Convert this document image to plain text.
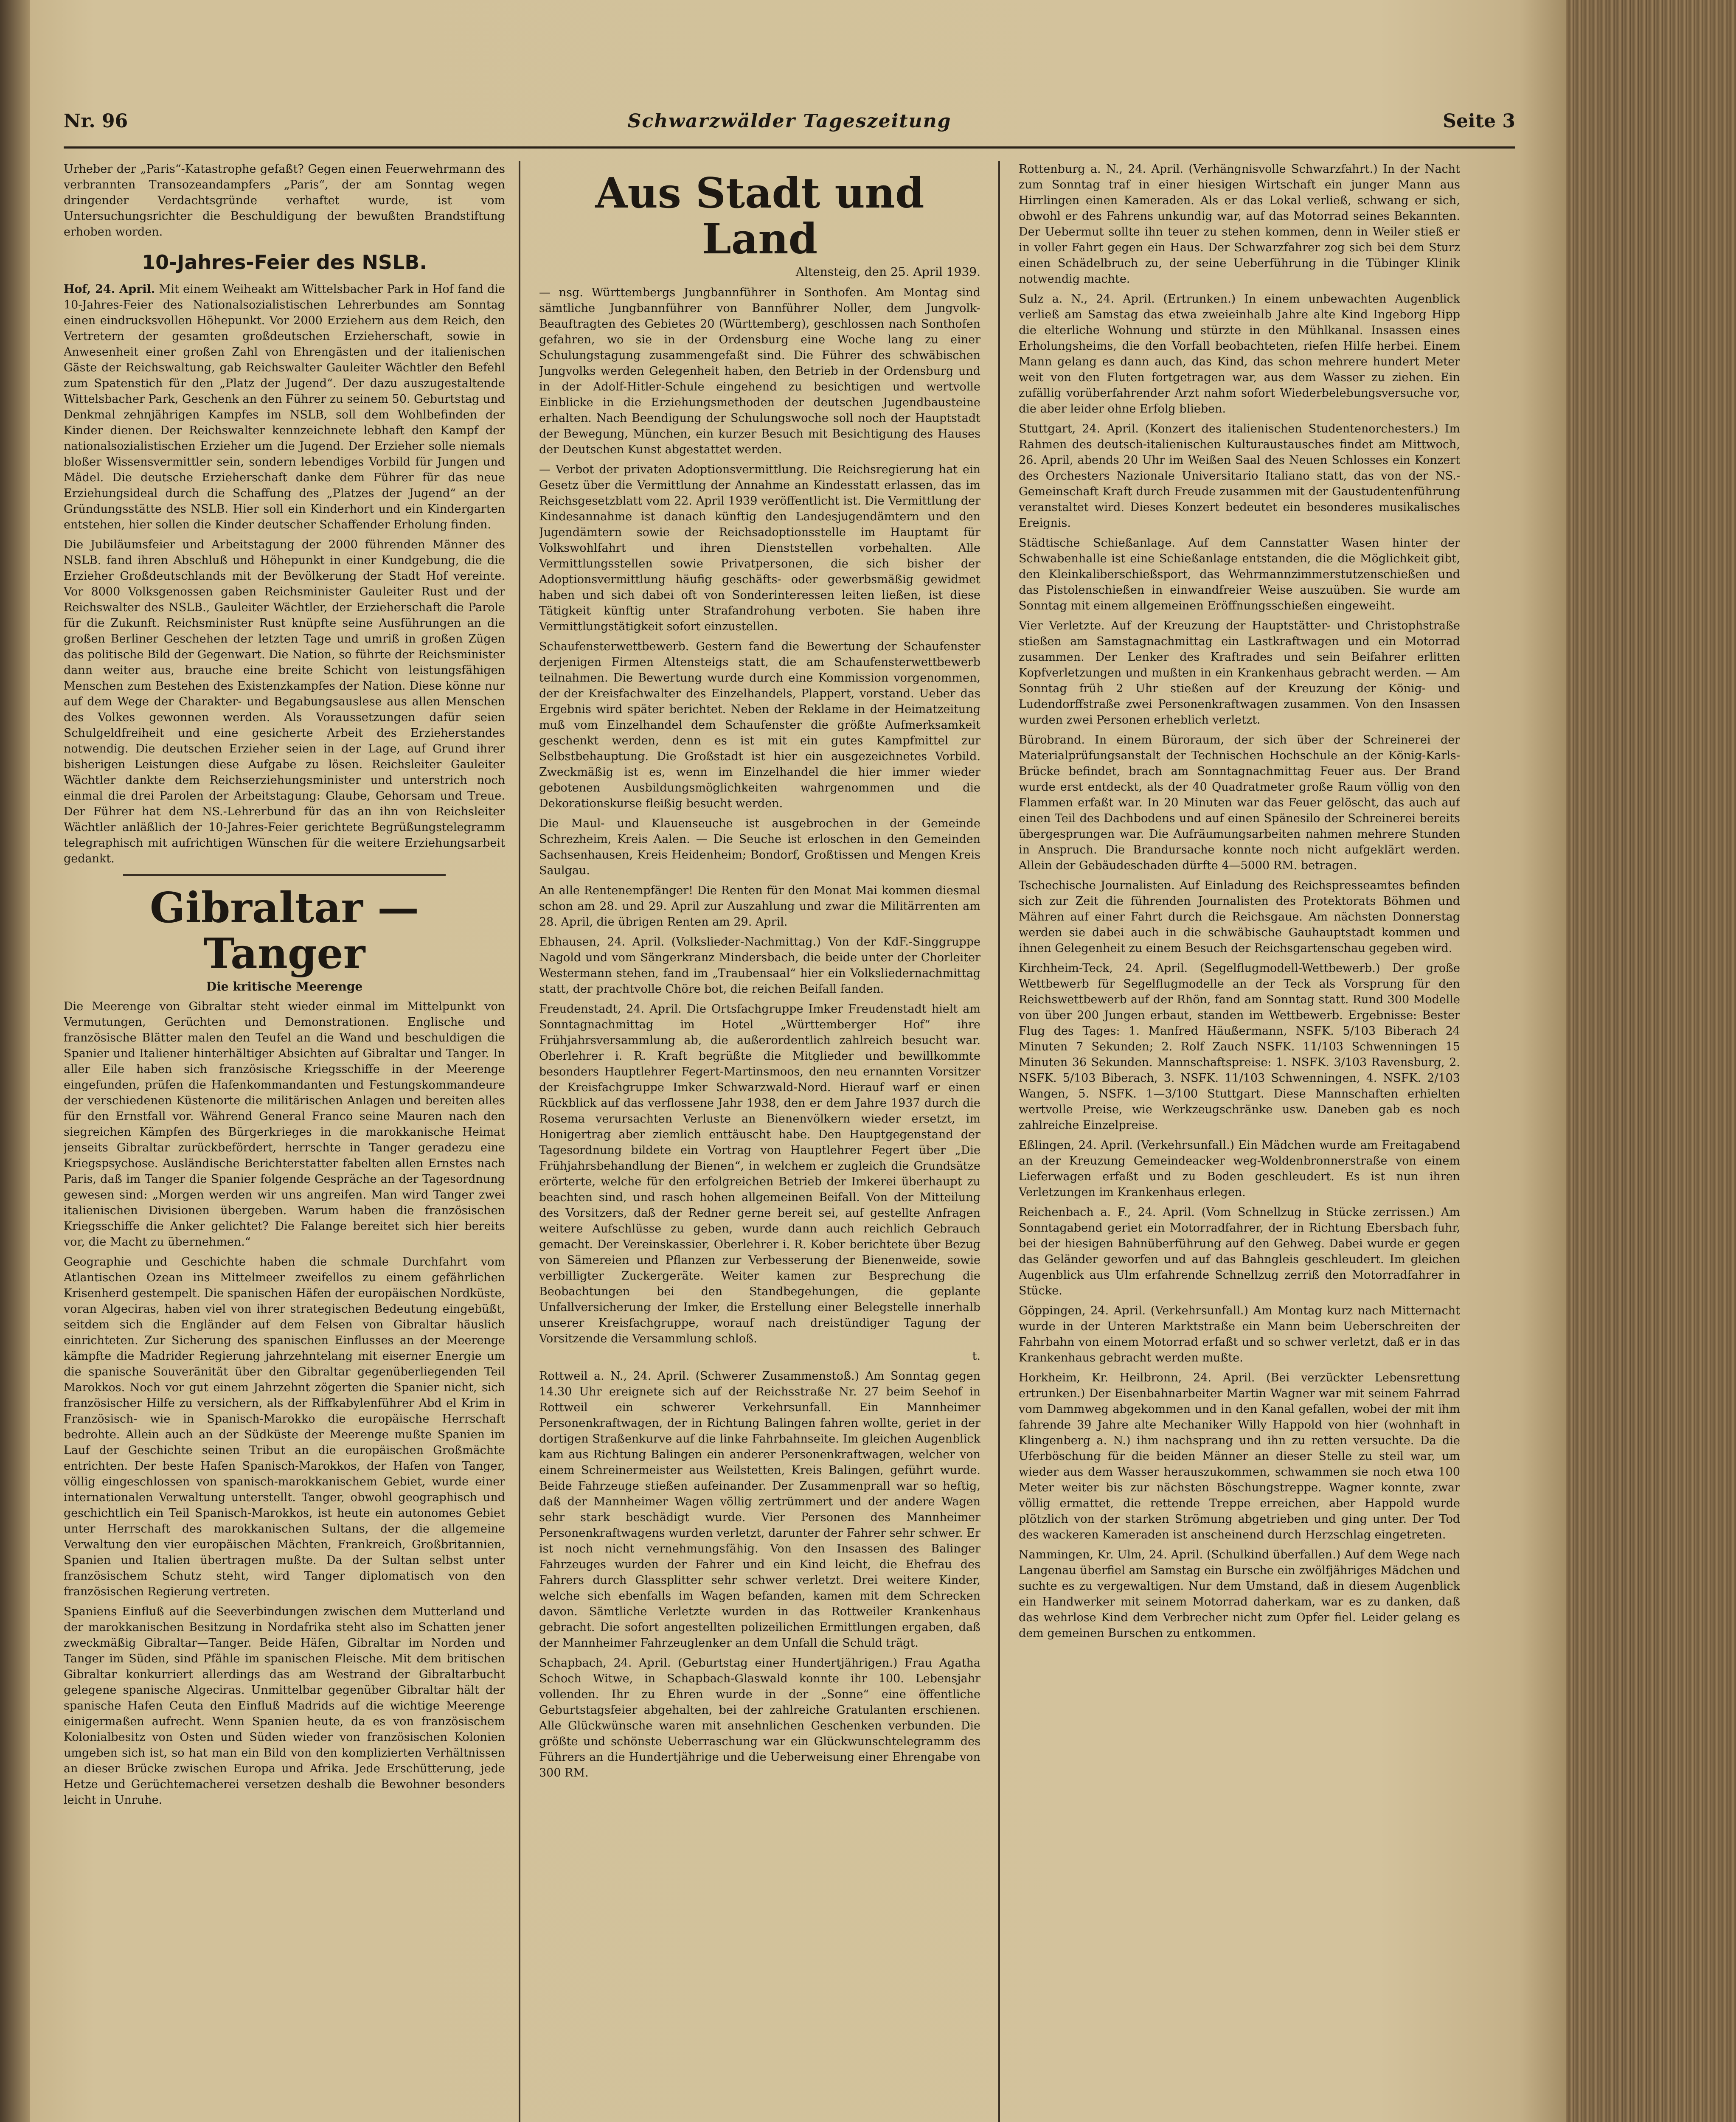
Nr. 96	Schwarzwälder Tageszeitung	Seite 3

Urheber der „Paris“-Katastrophe gefaßt? Gegen einen Feuerwehrmann des verbrannten Transozeandampfers „Paris“, der am Sonntag wegen dringender Verdachtsgründe verhaftet wurde, ist vom Untersuchungsrichter die Beschuldigung der bewußten Brandstiftung erhoben worden.

10-Jahres-Feier des NSLB.

Hof, 24. April. Mit einem Weiheakt am Wittelsbacher Park in Hof fand die 10-Jahres-Feier des Nationalsozialistischen Lehrerbundes am Sonntag einen eindrucksvollen Höhepunkt. Vor 2000 Erziehern aus dem Reich, den Vertretern der gesamten großdeutschen Erzieherschaft, sowie in Anwesenheit einer großen Zahl von Ehrengästen und der italienischen Gäste der Reichswaltung, gab Reichswalter Gauleiter Wächtler den Befehl zum Spatenstich für den „Platz der Jugend“. Der dazu auszugestaltende Wittelsbacher Park, Geschenk an den Führer zu seinem 50. Geburtstag und Denkmal zehnjährigen Kampfes im NSLB, soll dem Wohlbefinden der Kinder dienen. Der Reichswalter kennzeichnete lebhaft den Kampf der nationalsozialistischen Erzieher um die Jugend. Der Erzieher solle niemals bloßer Wissensvermittler sein, sondern lebendiges Vorbild für Jungen und Mädel. Die deutsche Erzieherschaft danke dem Führer für das neue Erziehungsideal durch die Schaffung des „Platzes der Jugend“ an der Gründungsstätte des NSLB. Hier soll ein Kinderhort und ein Kindergarten entstehen, hier sollen die Kinder deutscher Schaffender Erholung finden.

Die Jubiläumsfeier und Arbeitstagung der 2000 führenden Männer des NSLB. fand ihren Abschluß und Höhepunkt in einer Kundgebung, die die Erzieher Großdeutschlands mit der Bevölkerung der Stadt Hof vereinte. Vor 8000 Volksgenossen gaben Reichsminister Gauleiter Rust und der Reichswalter des NSLB., Gauleiter Wächtler, der Erzieherschaft die Parole für die Zukunft. Reichsminister Rust knüpfte seine Ausführungen an die großen Berliner Geschehen der letzten Tage und umriß in großen Zügen das politische Bild der Gegenwart. Die Nation, so führte der Reichsminister dann weiter aus, brauche eine breite Schicht von leistungsfähigen Menschen zum Bestehen des Existenzkampfes der Nation. Diese könne nur auf dem Wege der Charakter- und Begabungsauslese aus allen Menschen des Volkes gewonnen werden. Als Voraussetzungen dafür seien Schulgeldfreiheit und eine gesicherte Arbeit des Erzieherstandes notwendig. Die deutschen Erzieher seien in der Lage, auf Grund ihrer bisherigen Leistungen diese Aufgabe zu lösen. Reichsleiter Gauleiter Wächtler dankte dem Reichserziehungsminister und unterstrich noch einmal die drei Parolen der Arbeitstagung: Glaube, Gehorsam und Treue. Der Führer hat dem NS.-Lehrerbund für das an ihn von Reichsleiter Wächtler anläßlich der 10-Jahres-Feier gerichtete Begrüßungstelegramm telegraphisch mit aufrichtigen Wünschen für die weitere Erziehungsarbeit gedankt.

Gibraltar — Tanger
Die kritische Meerenge

Die Meerenge von Gibraltar steht wieder einmal im Mittelpunkt von Vermutungen, Gerüchten und Demonstrationen. Englische und französische Blätter malen den Teufel an die Wand und beschuldigen die Spanier und Italiener hinterhältiger Absichten auf Gibraltar und Tanger. In aller Eile haben sich französische Kriegsschiffe in der Meerenge eingefunden, prüfen die Hafenkommandanten und Festungskommandeure der verschiedenen Küstenorte die militärischen Anlagen und bereiten alles für den Ernstfall vor. Während General Franco seine Mauren nach den siegreichen Kämpfen des Bürgerkrieges in die marokkanische Heimat jenseits Gibraltar zurückbefördert, herrschte in Tanger geradezu eine Kriegspsychose. Ausländische Berichterstatter fabelten allen Ernstes nach Paris, daß im Tanger die Spanier folgende Gespräche an der Tagesordnung gewesen sind: „Morgen werden wir uns angreifen. Man wird Tanger zwei italienischen Divisionen übergeben. Warum haben die französischen Kriegsschiffe die Anker gelichtet? Die Falange bereitet sich hier bereits vor, die Macht zu übernehmen.“

Geographie und Geschichte haben die schmale Durchfahrt vom Atlantischen Ozean ins Mittelmeer zweifellos zu einem gefährlichen Krisenherd gestempelt. Die spanischen Häfen der europäischen Nordküste, voran Algeciras, haben viel von ihrer strategischen Bedeutung eingebüßt, seitdem sich die Engländer auf dem Felsen von Gibraltar häuslich einrichteten. Zur Sicherung des spanischen Einflusses an der Meerenge kämpfte die Madrider Regierung jahrzehntelang mit eiserner Energie um die spanische Souveränität über den Gibraltar gegenüberliegenden Teil Marokkos. Noch vor gut einem Jahrzehnt zögerten die Spanier nicht, sich französischer Hilfe zu versichern, als der Riffkabylenführer Abd el Krim in Französisch- wie in Spanisch-Marokko die europäische Herrschaft bedrohte. Allein auch an der Südküste der Meerenge mußte Spanien im Lauf der Geschichte seinen Tribut an die europäischen Großmächte entrichten. Der beste Hafen Spanisch-Marokkos, der Hafen von Tanger, völlig eingeschlossen von spanisch-marokkanischem Gebiet, wurde einer internationalen Verwaltung unterstellt. Tanger, obwohl geographisch und geschichtlich ein Teil Spanisch-Marokkos, ist heute ein autonomes Gebiet unter Herrschaft des marokkanischen Sultans, der die allgemeine Verwaltung den vier europäischen Mächten, Frankreich, Großbritannien, Spanien und Italien übertragen mußte. Da der Sultan selbst unter französischem Schutz steht, wird Tanger diplomatisch von den französischen Regierung vertreten.

Spaniens Einfluß auf die Seeverbindungen zwischen dem Mutterland und der marokkanischen Besitzung in Nordafrika steht also im Schatten jener zweckmäßig Gibraltar—Tanger. Beide Häfen, Gibraltar im Norden und Tanger im Süden, sind Pfähle im spanischen Fleische. Mit dem britischen Gibraltar konkurriert allerdings das am Westrand der Gibraltarbucht gelegene spanische Algeciras. Unmittelbar gegenüber Gibraltar hält der spanische Hafen Ceuta den Einfluß Madrids auf die wichtige Meerenge einigermaßen aufrecht. Wenn Spanien heute, da es von französischem Kolonialbesitz von Osten und Süden wieder von französischen Kolonien umgeben sich ist, so hat man ein Bild von den komplizierten Verhältnissen an dieser Brücke zwischen Europa und Afrika. Jede Erschütterung, jede Hetze und Gerüchtemacherei versetzen deshalb die Bewohner besonders leicht in Unruhe.

Aus Stadt und Land
Altensteig, den 25. April 1939.

— nsg. Württembergs Jungbannführer in Sonthofen. Am Montag sind sämtliche Jungbannführer von Bannführer Noller, dem Jungvolk-Beauftragten des Gebietes 20 (Württemberg), geschlossen nach Sonthofen gefahren, wo sie in der Ordensburg eine Woche lang zu einer Schulungstagung zusammengefaßt sind. Die Führer des schwäbischen Jungvolks werden Gelegenheit haben, den Betrieb in der Ordensburg und in der Adolf-Hitler-Schule eingehend zu besichtigen und wertvolle Einblicke in die Erziehungsmethoden der deutschen Jugendbausteine erhalten. Nach Beendigung der Schulungswoche soll noch der Hauptstadt der Bewegung, München, ein kurzer Besuch mit Besichtigung des Hauses der Deutschen Kunst abgestattet werden.

— Verbot der privaten Adoptionsvermittlung. Die Reichsregierung hat ein Gesetz über die Vermittlung der Annahme an Kindesstatt erlassen, das im Reichsgesetzblatt vom 22. April 1939 veröffentlicht ist. Die Vermittlung der Kindesannahme ist danach künftig den Landesjugendämtern und den Jugendämtern sowie der Reichsadoptionsstelle im Hauptamt für Volkswohlfahrt und ihren Dienststellen vorbehalten. Alle Vermittlungsstellen sowie Privatpersonen, die sich bisher der Adoptionsvermittlung häufig geschäfts- oder gewerbsmäßig gewidmet haben und sich dabei oft von Sonderinteressen leiten ließen, ist diese Tätigkeit künftig unter Strafandrohung verboten. Sie haben ihre Vermittlungstätigkeit sofort einzustellen.

Schaufensterwettbewerb. Gestern fand die Bewertung der Schaufenster derjenigen Firmen Altensteigs statt, die am Schaufensterwettbewerb teilnahmen. Die Bewertung wurde durch eine Kommission vorgenommen, der der Kreisfachwalter des Einzelhandels, Plappert, vorstand. Ueber das Ergebnis wird später berichtet. Neben der Reklame in der Heimatzeitung muß vom Einzelhandel dem Schaufenster die größte Aufmerksamkeit geschenkt werden, denn es ist mit ein gutes Kampfmittel zur Selbstbehauptung. Die Großstadt ist hier ein ausgezeichnetes Vorbild. Zweckmäßig ist es, wenn im Einzelhandel die hier immer wieder gebotenen Ausbildungsmöglichkeiten wahrgenommen und die Dekorationskurse fleißig besucht werden.

Die Maul- und Klauenseuche ist ausgebrochen in der Gemeinde Schrezheim, Kreis Aalen. — Die Seuche ist erloschen in den Gemeinden Sachsenhausen, Kreis Heidenheim; Bondorf, Großtissen und Mengen Kreis Saulgau.

An alle Rentenempfänger! Die Renten für den Monat Mai kommen diesmal schon am 28. und 29. April zur Auszahlung und zwar die Militärrenten am 28. April, die übrigen Renten am 29. April.

Ebhausen, 24. April. (Volkslieder-Nachmittag.) Von der KdF.-Singgruppe Nagold und vom Sängerkranz Mindersbach, die beide unter der Chorleiter Westermann stehen, fand im „Traubensaal“ hier ein Volksliedernachmittag statt, der prachtvolle Chöre bot, die reichen Beifall fanden.

Freudenstadt, 24. April. Die Ortsfachgruppe Imker Freudenstadt hielt am Sonntagnachmittag im Hotel „Württemberger Hof“ ihre Frühjahrsversammlung ab, die außerordentlich zahlreich besucht war. Oberlehrer i. R. Kraft begrüßte die Mitglieder und bewillkommte besonders Hauptlehrer Fegert-Martinsmoos, den neu ernannten Vorsitzer der Kreisfachgruppe Imker Schwarzwald-Nord. Hierauf warf er einen Rückblick auf das verflossene Jahr 1938, den er dem Jahre 1937 durch die Rosema verursachten Verluste an Bienenvölkern wieder ersetzt, im Honigertrag aber ziemlich enttäuscht habe. Den Hauptgegenstand der Tagesordnung bildete ein Vortrag von Hauptlehrer Fegert über „Die Frühjahrsbehandlung der Bienen“, in welchem er zugleich die Grundsätze erörterte, welche für den erfolgreichen Betrieb der Imkerei überhaupt zu beachten sind, und rasch hohen allgemeinen Beifall. Von der Mitteilung des Vorsitzers, daß der Redner gerne bereit sei, auf gestellte Anfragen weitere Aufschlüsse zu geben, wurde dann auch reichlich Gebrauch gemacht. Der Vereinskassier, Oberlehrer i. R. Kober berichtete über Bezug von Sämereien und Pflanzen zur Verbesserung der Bienenweide, sowie verbilligter Zuckergeräte. Weiter kamen zur Besprechung die Beobachtungen bei den Standbegehungen, die geplante Unfallversicherung der Imker, die Erstellung einer Belegstelle innerhalb unserer Kreisfachgruppe, worauf nach dreistündiger Tagung der Vorsitzende die Versammlung schloß.

t.

Rottweil a. N., 24. April. (Schwerer Zusammenstoß.) Am Sonntag gegen 14.30 Uhr ereignete sich auf der Reichsstraße Nr. 27 beim Seehof in Rottweil ein schwerer Verkehrsunfall. Ein Mannheimer Personenkraftwagen, der in Richtung Balingen fahren wollte, geriet in der dortigen Straßenkurve auf die linke Fahrbahnseite. Im gleichen Augenblick kam aus Richtung Balingen ein anderer Personenkraftwagen, welcher von einem Schreinermeister aus Weilstetten, Kreis Balingen, geführt wurde. Beide Fahrzeuge stießen aufeinander. Der Zusammenprall war so heftig, daß der Mannheimer Wagen völlig zertrümmert und der andere Wagen sehr stark beschädigt wurde. Vier Personen des Mannheimer Personenkraftwagens wurden verletzt, darunter der Fahrer sehr schwer. Er ist noch nicht vernehmungsfähig. Von den Insassen des Balinger Fahrzeuges wurden der Fahrer und ein Kind leicht, die Ehefrau des Fahrers durch Glassplitter sehr schwer verletzt. Drei weitere Kinder, welche sich ebenfalls im Wagen befanden, kamen mit dem Schrecken davon. Sämtliche Verletzte wurden in das Rottweiler Krankenhaus gebracht. Die sofort angestellten polizeilichen Ermittlungen ergaben, daß der Mannheimer Fahrzeuglenker an dem Unfall die Schuld trägt.

Schapbach, 24. April. (Geburtstag einer Hundertjährigen.) Frau Agatha Schoch Witwe, in Schapbach-Glaswald konnte ihr 100. Lebensjahr vollenden. Ihr zu Ehren wurde in der „Sonne“ eine öffentliche Geburtstagsfeier abgehalten, bei der zahlreiche Gratulanten erschienen. Alle Glückwünsche waren mit ansehnlichen Geschenken verbunden. Die größte und schönste Ueberraschung war ein Glückwunschtelegramm des Führers an die Hundertjährige und die Ueberweisung einer Ehrengabe von 300 RM.

Rottenburg a. N., 24. April. (Verhängnisvolle Schwarzfahrt.) In der Nacht zum Sonntag traf in einer hiesigen Wirtschaft ein junger Mann aus Hirrlingen einen Kameraden. Als er das Lokal verließ, schwang er sich, obwohl er des Fahrens unkundig war, auf das Motorrad seines Bekannten. Der Uebermut sollte ihn teuer zu stehen kommen, denn in Weiler stieß er in voller Fahrt gegen ein Haus. Der Schwarzfahrer zog sich bei dem Sturz einen Schädelbruch zu, der seine Ueberführung in die Tübinger Klinik notwendig machte.

Sulz a. N., 24. April. (Ertrunken.) In einem unbewachten Augenblick verließ am Samstag das etwa zweieinhalb Jahre alte Kind Ingeborg Hipp die elterliche Wohnung und stürzte in den Mühlkanal. Insassen eines Erholungsheims, die den Vorfall beobachteten, riefen Hilfe herbei. Einem Mann gelang es dann auch, das Kind, das schon mehrere hundert Meter weit von den Fluten fortgetragen war, aus dem Wasser zu ziehen. Ein zufällig vorüberfahrender Arzt nahm sofort Wiederbelebungsversuche vor, die aber leider ohne Erfolg blieben.

Stuttgart, 24. April. (Konzert des italienischen Studentenorchesters.) Im Rahmen des deutsch-italienischen Kulturaustausches findet am Mittwoch, 26. April, abends 20 Uhr im Weißen Saal des Neuen Schlosses ein Konzert des Orchesters Nazionale Universitario Italiano statt, das von der NS.-Gemeinschaft Kraft durch Freude zusammen mit der Gaustudentenführung veranstaltet wird. Dieses Konzert bedeutet ein besonderes musikalisches Ereignis.

Städtische Schießanlage. Auf dem Cannstatter Wasen hinter der Schwabenhalle ist eine Schießanlage entstanden, die die Möglichkeit gibt, den Kleinkaliberschießsport, das Wehrmannzimmerstutzenschießen und das Pistolenschießen in einwandfreier Weise auszuüben. Sie wurde am Sonntag mit einem allgemeinen Eröffnungsschießen eingeweiht.

Vier Verletzte. Auf der Kreuzung der Hauptstätter- und Christophstraße stießen am Samstagnachmittag ein Lastkraftwagen und ein Motorrad zusammen. Der Lenker des Kraftrades und sein Beifahrer erlitten Kopfverletzungen und mußten in ein Krankenhaus gebracht werden. — Am Sonntag früh 2 Uhr stießen auf der Kreuzung der König- und Ludendorffstraße zwei Personenkraftwagen zusammen. Von den Insassen wurden zwei Personen erheblich verletzt.

Bürobrand. In einem Büroraum, der sich über der Schreinerei der Materialprüfungsanstalt der Technischen Hochschule an der König-Karls-Brücke befindet, brach am Sonntagnachmittag Feuer aus. Der Brand wurde erst entdeckt, als der 40 Quadratmeter große Raum völlig von den Flammen erfaßt war. In 20 Minuten war das Feuer gelöscht, das auch auf einen Teil des Dachbodens und auf einen Spänesilo der Schreinerei bereits übergesprungen war. Die Aufräumungsarbeiten nahmen mehrere Stunden in Anspruch. Die Brandursache konnte noch nicht aufgeklärt werden. Allein der Gebäudeschaden dürfte 4—5000 RM. betragen.

Tschechische Journalisten. Auf Einladung des Reichspresseamtes befinden sich zur Zeit die führenden Journalisten des Protektorats Böhmen und Mähren auf einer Fahrt durch die Reichsgaue. Am nächsten Donnerstag werden sie dabei auch in die schwäbische Gauhauptstadt kommen und ihnen Gelegenheit zu einem Besuch der Reichsgartenschau gegeben wird.

Kirchheim-Teck, 24. April. (Segelflugmodell-Wettbewerb.) Der große Wettbewerb für Segelflugmodelle an der Teck als Vorsprung für den Reichswettbewerb auf der Rhön, fand am Sonntag statt. Rund 300 Modelle von über 200 Jungen erbaut, standen im Wettbewerb. Ergebnisse: Bester Flug des Tages: 1. Manfred Häußermann, NSFK. 5/103 Biberach 24 Minuten 7 Sekunden; 2. Rolf Zauch NSFK. 11/103 Schwenningen 15 Minuten 36 Sekunden. Mannschaftspreise: 1. NSFK. 3/103 Ravensburg, 2. NSFK. 5/103 Biberach, 3. NSFK. 11/103 Schwenningen, 4. NSFK. 2/103 Wangen, 5. NSFK. 1—3/100 Stuttgart. Diese Mannschaften erhielten wertvolle Preise, wie Werkzeugschränke usw. Daneben gab es noch zahlreiche Einzelpreise.

Eßlingen, 24. April. (Verkehrsunfall.) Ein Mädchen wurde am Freitagabend an der Kreuzung Gemeindeacker weg-Woldenbronnerstraße von einem Lieferwagen erfaßt und zu Boden geschleudert. Es ist nun ihren Verletzungen im Krankenhaus erlegen.

Reichenbach a. F., 24. April. (Vom Schnellzug in Stücke zerrissen.) Am Sonntagabend geriet ein Motorradfahrer, der in Richtung Ebersbach fuhr, bei der hiesigen Bahnüberführung auf den Gehweg. Dabei wurde er gegen das Geländer geworfen und auf das Bahngleis geschleudert. Im gleichen Augenblick aus Ulm erfahrende Schnellzug zerriß den Motorradfahrer in Stücke.

Göppingen, 24. April. (Verkehrsunfall.) Am Montag kurz nach Mitternacht wurde in der Unteren Marktstraße ein Mann beim Ueberschreiten der Fahrbahn von einem Motorrad erfaßt und so schwer verletzt, daß er in das Krankenhaus gebracht werden mußte.

Horkheim, Kr. Heilbronn, 24. April. (Bei verzückter Lebensrettung ertrunken.) Der Eisenbahnarbeiter Martin Wagner war mit seinem Fahrrad vom Dammweg abgekommen und in den Kanal gefallen, wobei der mit ihm fahrende 39 Jahre alte Mechaniker Willy Happold von hier (wohnhaft in Klingenberg a. N.) ihm nachsprang und ihn zu retten versuchte. Da die Uferböschung für die beiden Männer an dieser Stelle zu steil war, um wieder aus dem Wasser herauszukommen, schwammen sie noch etwa 100 Meter weiter bis zur nächsten Böschungstreppe. Wagner konnte, zwar völlig ermattet, die rettende Treppe erreichen, aber Happold wurde plötzlich von der starken Strömung abgetrieben und ging unter. Der Tod des wackeren Kameraden ist anscheinend durch Herzschlag eingetreten.

Nammingen, Kr. Ulm, 24. April. (Schulkind überfallen.) Auf dem Wege nach Langenau überfiel am Samstag ein Bursche ein zwölfjähriges Mädchen und suchte es zu vergewaltigen. Nur dem Umstand, daß in diesem Augenblick ein Handwerker mit seinem Motorrad daherkam, war es zu danken, daß das wehrlose Kind dem Verbrecher nicht zum Opfer fiel. Leider gelang es dem gemeinen Burschen zu entkommen.
